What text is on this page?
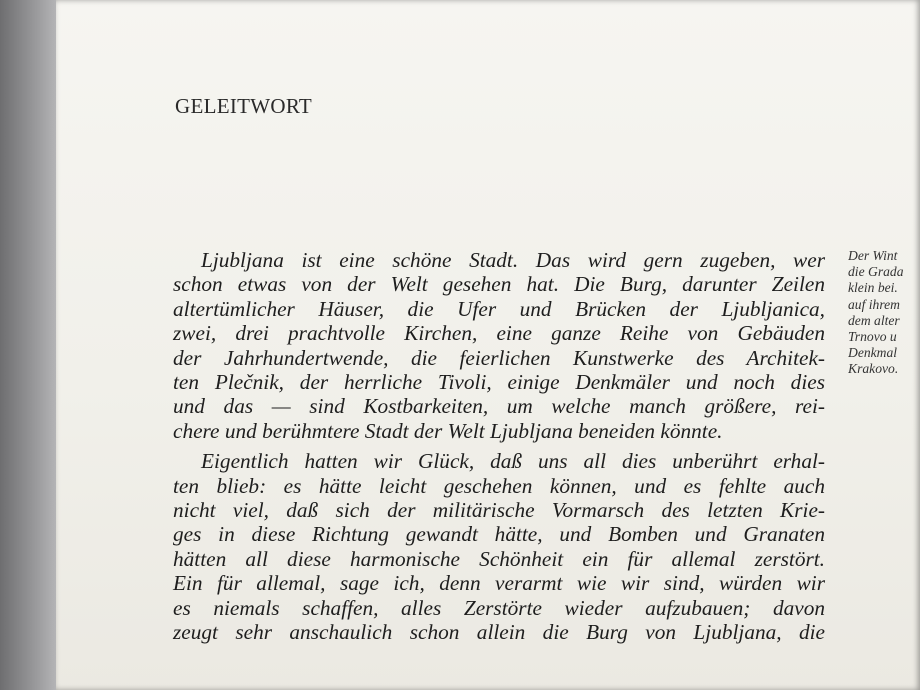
GELEITWORT
Ljubljana ist eine schöne Stadt. Das wird gern zugeben, wer
schon etwas von der Welt gesehen hat. Die Burg, darunter Zeilen
altertümlicher Häuser, die Ufer und Brücken der Ljubljanica,
zwei, drei prachtvolle Kirchen, eine ganze Reihe von Gebäuden
der Jahrhundertwende, die feierlichen Kunstwerke des Architek-
ten Plečnik, der herrliche Tivoli, einige Denkmäler und noch dies
und das — sind Kostbarkeiten, um welche manch größere, rei-
chere und berühmtere Stadt der Welt Ljubljana beneiden könnte.
Eigentlich hatten wir Glück, daß uns all dies unberührt erhal-
ten blieb: es hätte leicht geschehen können, und es fehlte auch
nicht viel, daß sich der militärische Vormarsch des letzten Krie-
ges in diese Richtung gewandt hätte, und Bomben und Granaten
hätten all diese harmonische Schönheit ein für allemal zerstört.
Ein für allemal, sage ich, denn verarmt wie wir sind, würden wir
es niemals schaffen, alles Zerstörte wieder aufzubauen; davon
zeugt sehr anschaulich schon allein die Burg von Ljubljana, die
Der Wint
die Grada
klein bei.
auf ihrem
dem alter
Trnovo u
Denkmal
Krakovo.
